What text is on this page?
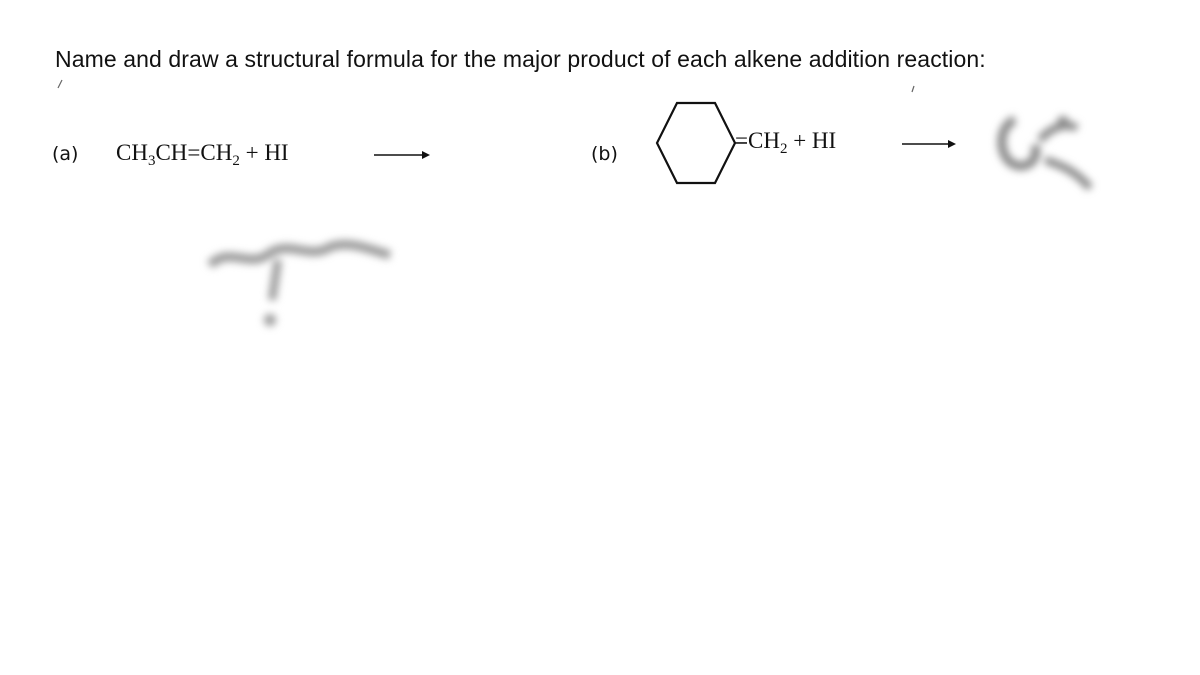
Name and draw a structural formula for the major product of each alkene addition reaction:
(a) $CH_3CH=CH_2$ + HI	(b)
$=CH_2$ + HI
